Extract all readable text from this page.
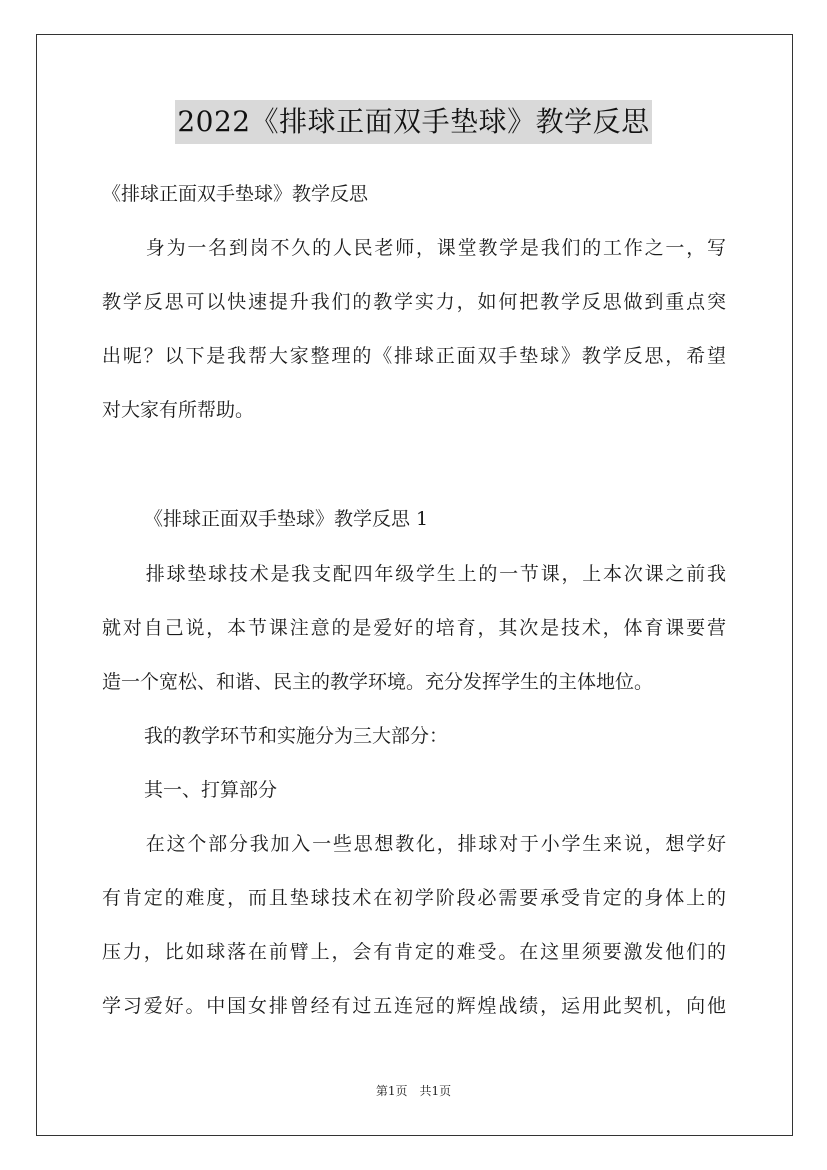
2022《排球正面双手垫球》教学反思
《排球正面双手垫球》教学反思
身为一名到岗不久的人民老师，课堂教学是我们的工作之一，写
教学反思可以快速提升我们的教学实力，如何把教学反思做到重点突
出呢？以下是我帮大家整理的《排球正面双手垫球》教学反思，希望
对大家有所帮助。
《排球正面双手垫球》教学反思 1
排球垫球技术是我支配四年级学生上的一节课，上本次课之前我
就对自己说，本节课注意的是爱好的培育，其次是技术，体育课要营
造一个宽松、和谐、民主的教学环境。充分发挥学生的主体地位。
我的教学环节和实施分为三大部分：
其一、打算部分
在这个部分我加入一些思想教化，排球对于小学生来说，想学好
有肯定的难度，而且垫球技术在初学阶段必需要承受肯定的身体上的
压力，比如球落在前臂上，会有肯定的难受。在这里须要激发他们的
学习爱好。中国女排曾经有过五连冠的辉煌战绩，运用此契机，向他
第1页　共1页
